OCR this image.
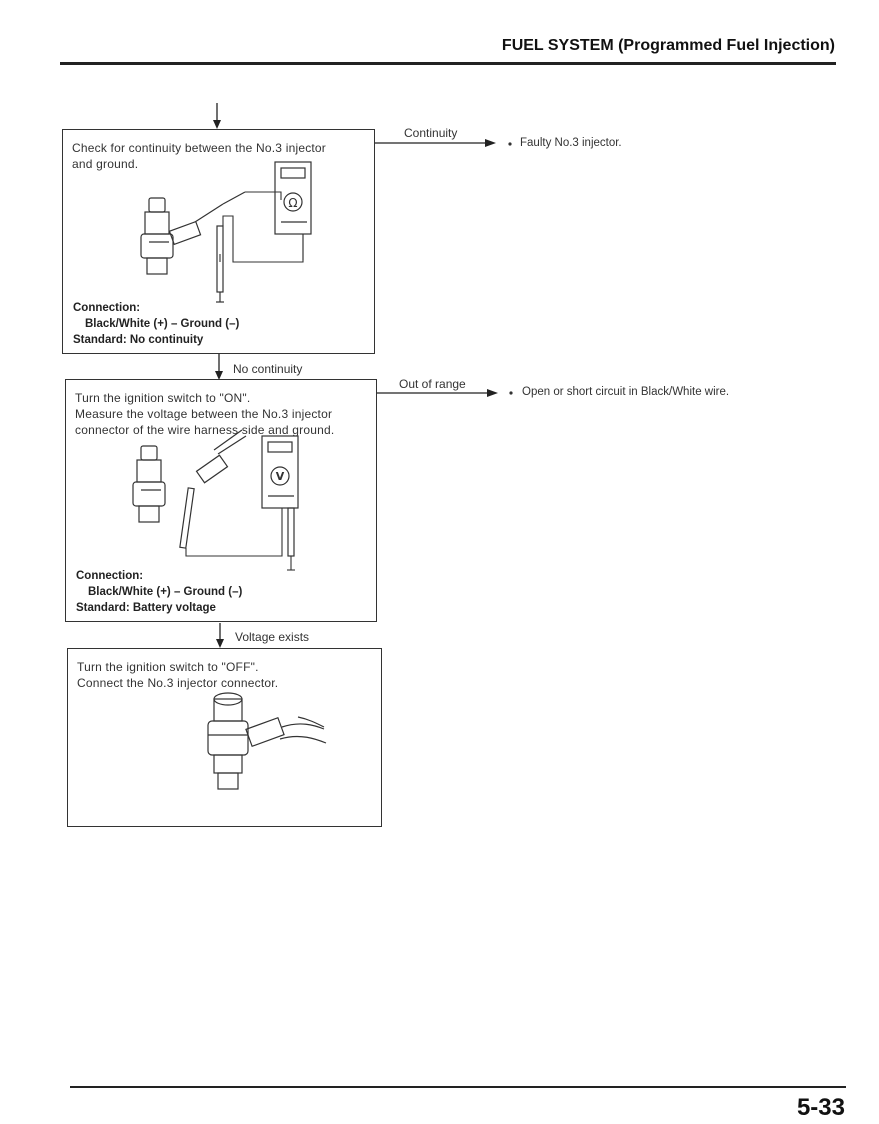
FUEL SYSTEM (Programmed Fuel Injection)
Continuity
Faulty No.3 injector.
No continuity
Out of range
Open or short circuit in Black/White wire.
Voltage exists
Check for continuity between the No.3 injector
and ground.
Ω
Connection:
Black/White (+) – Ground (–)
Standard: No continuity
Turn the ignition switch to "ON".
Measure the voltage between the No.3 injector
connector of the wire harness side and ground.
V
Connection:
Black/White (+) – Ground (–)
Standard: Battery voltage
Turn the ignition switch to "OFF".
Connect the No.3 injector connector.
5-33
